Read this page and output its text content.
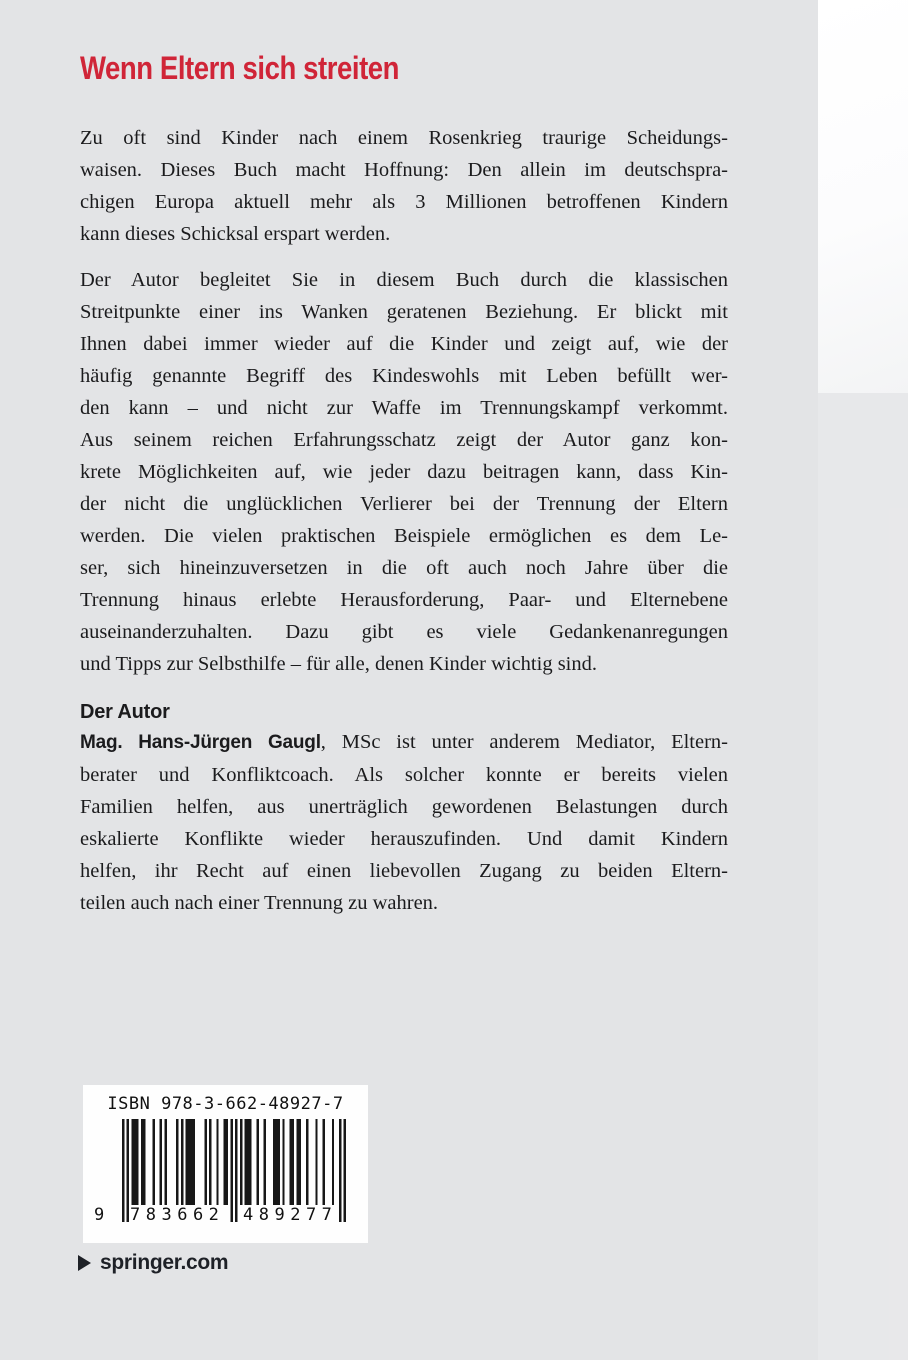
Wenn Eltern sich streiten
Zu oft sind Kinder nach einem Rosenkrieg traurige Scheidungs-
waisen. Dieses Buch macht Hoffnung: Den allein im deutschspra-
chigen Europa aktuell mehr als 3 Millionen betroffenen Kindern
kann dieses Schicksal erspart werden.
Der Autor begleitet Sie in diesem Buch durch die klassischen
Streitpunkte einer ins Wanken geratenen Beziehung. Er blickt mit
Ihnen dabei immer wieder auf die Kinder und zeigt auf, wie der
häufig genannte Begriff des Kindeswohls mit Leben befüllt wer-
den kann – und nicht zur Waffe im Trennungskampf verkommt.
Aus seinem reichen Erfahrungsschatz zeigt der Autor ganz kon-
krete Möglichkeiten auf, wie jeder dazu beitragen kann, dass Kin-
der nicht die unglücklichen Verlierer bei der Trennung der Eltern
werden. Die vielen praktischen Beispiele ermöglichen es dem Le-
ser, sich hineinzuversetzen in die oft auch noch Jahre über die
Trennung hinaus erlebte Herausforderung, Paar- und Elternebene
auseinanderzuhalten. Dazu gibt es viele Gedankenanregungen
und Tipps zur Selbsthilfe – für alle, denen Kinder wichtig sind.
Der Autor
Mag. Hans-Jürgen Gaugl, MSc ist unter anderem Mediator, Eltern-
berater und Konfliktcoach. Als solcher konnte er bereits vielen
Familien helfen, aus unerträglich gewordenen Belastungen durch
eskalierte Konflikte wieder herauszufinden. Und damit Kindern
helfen, ihr Recht auf einen liebevollen Zugang zu beiden Eltern-
teilen auch nach einer Trennung zu wahren.
ISBN 978-3-662-48927-7
9 783662 489277
springer.com
